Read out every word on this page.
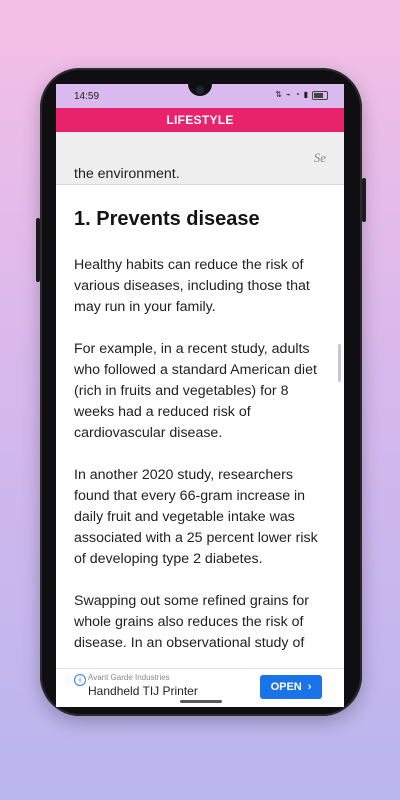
14:59	⇅ ⌁ ◔ ▮
LIFESTYLE
Se
the environment.
1. Prevents disease
Healthy habits can reduce the risk of various diseases, including those that may run in your family.
For example, in a recent study, adults who followed a standard American diet (rich in fruits and vegetables) for 8 weeks had a reduced risk of cardiovascular disease.
In another 2020 study, researchers found that every 66-gram increase in daily fruit and vegetable intake was associated with a 25 percent lower risk of developing type 2 diabetes.
Swapping out some refined grains for whole grains also reduces the risk of disease. In an observational study of
i Avant Garde Industries
Handheld TIJ Printer	OPEN ›
